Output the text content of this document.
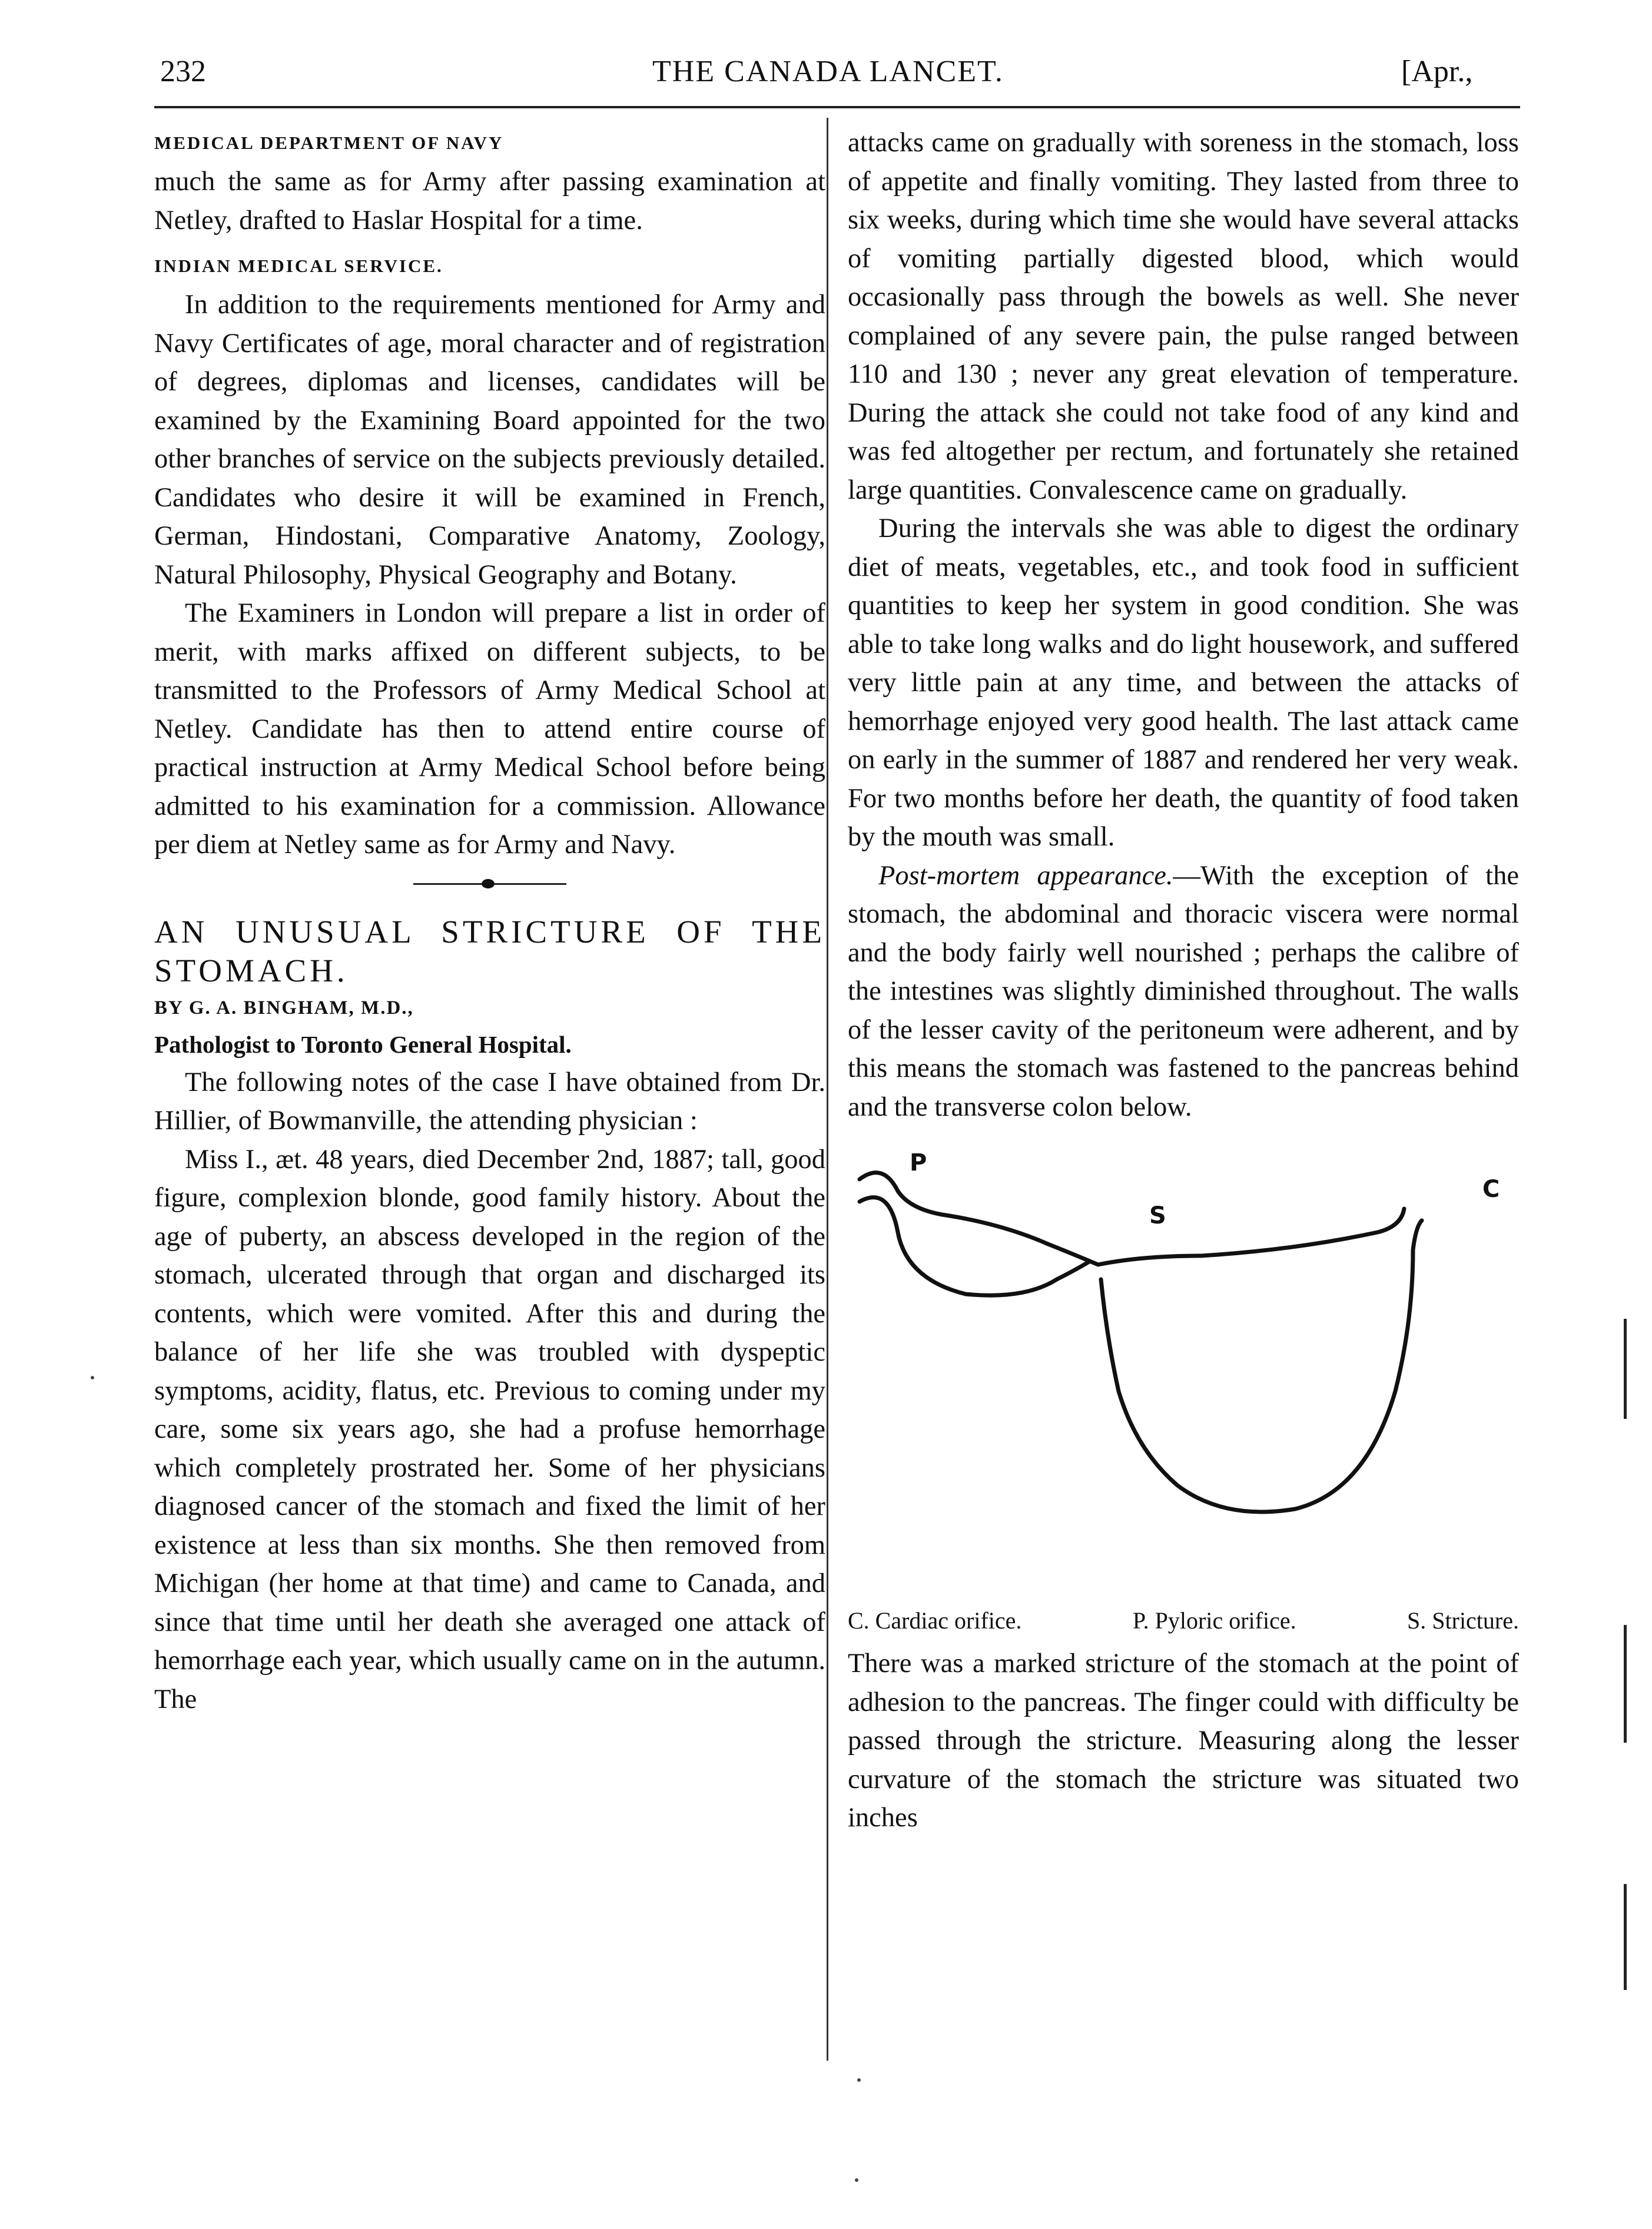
232	THE CANADA LANCET.	[Apr.,

MEDICAL DEPARTMENT OF NAVY

much the same as for Army after passing examination at Netley, drafted to Haslar Hospital for a time.

INDIAN MEDICAL SERVICE.

In addition to the requirements mentioned for Army and Navy Certificates of age, moral character and of registration of degrees, diplomas and licenses, candidates will be examined by the Examining Board appointed for the two other branches of service on the subjects previously detailed. Candidates who desire it will be examined in French, German, Hindostani, Comparative Anatomy, Zoology, Natural Philosophy, Physical Geography and Botany.

The Examiners in London will prepare a list in order of merit, with marks affixed on different subjects, to be transmitted to the Professors of Army Medical School at Netley. Candidate has then to attend entire course of practical instruction at Army Medical School before being admitted to his examination for a commission. Allowance per diem at Netley same as for Army and Navy.

AN UNUSUAL STRICTURE OF THE STOMACH.

BY G. A. BINGHAM, M.D.,

Pathologist to Toronto General Hospital.

The following notes of the case I have obtained from Dr. Hillier, of Bowmanville, the attending physician :

Miss I., æt. 48 years, died December 2nd, 1887; tall, good figure, complexion blonde, good family history. About the age of puberty, an abscess developed in the region of the stomach, ulcerated through that organ and discharged its contents, which were vomited. After this and during the balance of her life she was troubled with dyspeptic symptoms, acidity, flatus, etc. Previous to coming under my care, some six years ago, she had a profuse hemorrhage which completely prostrated her. Some of her physicians diagnosed cancer of the stomach and fixed the limit of her existence at less than six months. She then removed from Michigan (her home at that time) and came to Canada, and since that time until her death she averaged one attack of hemorrhage each year, which usually came on in the autumn. The

attacks came on gradually with soreness in the stomach, loss of appetite and finally vomiting. They lasted from three to six weeks, during which time she would have several attacks of vomiting partially digested blood, which would occasionally pass through the bowels as well. She never complained of any severe pain, the pulse ranged between 110 and 130 ; never any great elevation of temperature. During the attack she could not take food of any kind and was fed altogether per rectum, and fortunately she retained large quantities. Convalescence came on gradually.

During the intervals she was able to digest the ordinary diet of meats, vegetables, etc., and took food in sufficient quantities to keep her system in good condition. She was able to take long walks and do light housework, and suffered very little pain at any time, and between the attacks of hemorrhage enjoyed very good health. The last attack came on early in the summer of 1887 and rendered her very weak. For two months before her death, the quantity of food taken by the mouth was small.

Post-mortem appearance.—With the exception of the stomach, the abdominal and thoracic viscera were normal and the body fairly well nourished ; perhaps the calibre of the intestines was slightly diminished throughout. The walls of the lesser cavity of the peritoneum were adherent, and by this means the stomach was fastened to the pancreas behind and the transverse colon below.

P
S
C
C. Cardiac orifice.	P. Pyloric orifice.	S. Stricture.

There was a marked stricture of the stomach at the point of adhesion to the pancreas. The finger could with difficulty be passed through the stricture. Measuring along the lesser curvature of the stomach the stricture was situated two inches
